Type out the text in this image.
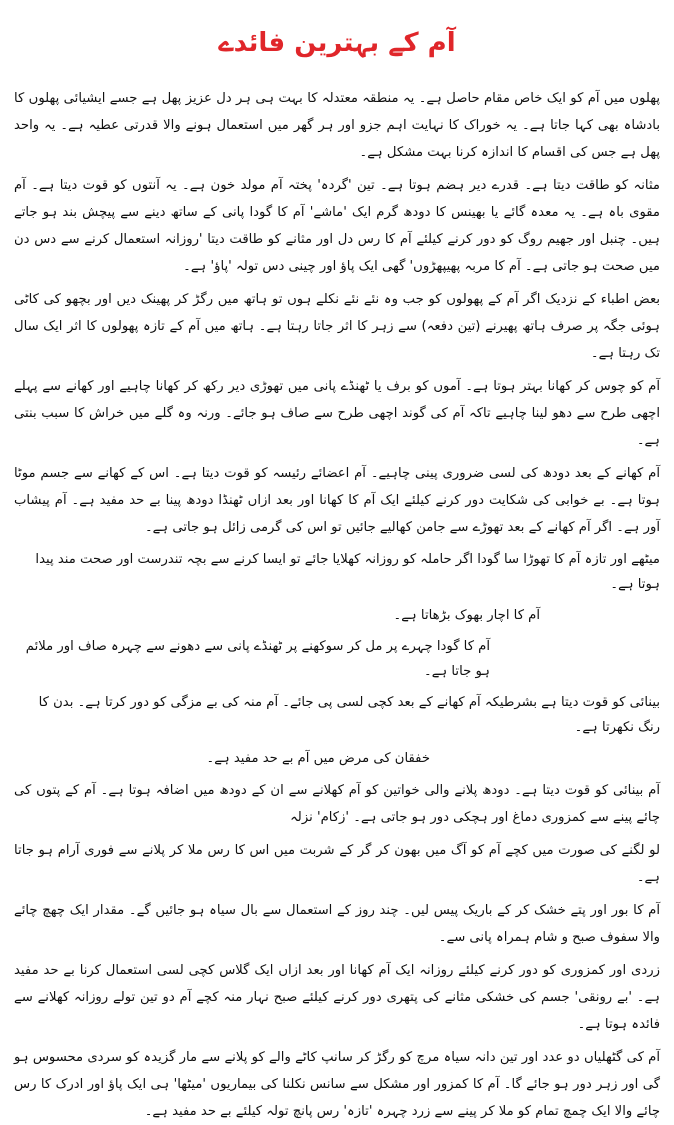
آم کے بہترین فائدے

پھلوں میں آم کو ایک خاص مقام حاصل ہے۔ یہ منطقہ معتدلہ کا بہت ہی ہر دل عزیز پھل ہے جسے ایشیائی پھلوں کا بادشاہ بھی کہا جاتا ہے۔ یہ خوراک کا نہایت اہم جزو اور ہر گھر میں استعمال ہونے والا قدرتی عطیہ ہے۔ یہ واحد پھل ہے جس کی اقسام کا اندازہ کرنا بہت مشکل ہے۔

مثانہ کو طاقت دیتا ہے۔ قدرے دیر ہضم ہوتا ہے۔ تین 'گردہ' پختہ آم مولد خون ہے۔ یہ آنتوں کو قوت دیتا ہے۔ آم مقوی باہ ہے۔ یہ معدہ گائے یا بھینس کا دودھ گرم ایک 'ماشے' آم کا گودا پانی کے ساتھ دینے سے پیچش بند ہو جاتے ہیں۔ چنبل اور جھیم روگ کو دور کرنے کیلئے آم کا رس دل اور مثانے کو طاقت دیتا 'روزانہ استعمال کرنے سے دس دن میں صحت ہو جاتی ہے۔ آم کا مربہ پھیپھڑوں' گھی ایک پاؤ اور چینی دس تولہ 'پاؤ' ہے۔

بعض اطباء کے نزدیک اگر آم کے پھولوں کو جب وہ نئے نئے نکلے ہوں تو ہاتھ میں رگڑ کر پھینک دیں اور بچھو کی کاٹی ہوئی جگہ پر صرف ہاتھ پھیرنے (تین دفعہ) سے زہر کا اثر جاتا رہتا ہے۔ ہاتھ میں آم کے تازہ پھولوں کا اثر ایک سال تک رہتا ہے۔

آم کو چوس کر کھانا بہتر ہوتا ہے۔ آموں کو برف یا ٹھنڈے پانی میں تھوڑی دیر رکھ کر کھانا چاہیے اور کھانے سے پہلے اچھی طرح سے دھو لینا چاہیے تاکہ آم کی گوند اچھی طرح سے صاف ہو جائے۔ ورنہ وہ گلے میں خراش کا سبب بنتی ہے۔

آم کھانے کے بعد دودھ کی لسی ضروری پینی چاہیے۔ آم اعضائے رئیسہ کو قوت دیتا ہے۔ اس کے کھانے سے جسم موٹا ہوتا ہے۔ بے خوابی کی شکایت دور کرنے کیلئے ایک آم کا کھانا اور بعد ازاں ٹھنڈا دودھ پینا بے حد مفید ہے۔ آم پیشاب آور ہے۔ اگر آم کھانے کے بعد تھوڑے سے جامن کھالیے جائیں تو اس کی گرمی زائل ہو جاتی ہے۔

میٹھے اور تازہ آم کا تھوڑا سا گودا اگر حاملہ کو روزانہ کھلایا جائے تو ایسا کرنے سے بچہ تندرست اور صحت مند پیدا ہوتا ہے۔

آم کا اچار بھوک بڑھاتا ہے۔

آم کا گودا چہرے پر مل کر سوکھنے پر ٹھنڈے پانی سے دھونے سے چہرہ صاف اور ملائم ہو جاتا ہے۔

بینائی کو قوت دیتا ہے بشرطیکہ آم کھانے کے بعد کچی لسی پی جائے۔ آم منہ کی بے مزگی کو دور کرتا ہے۔ بدن کا رنگ نکھرتا ہے۔

خفقان کی مرض میں آم بے حد مفید ہے۔

آم بینائی کو قوت دیتا ہے۔ دودھ پلانے والی خواتین کو آم کھلانے سے ان کے دودھ میں اضافہ ہوتا ہے۔ آم کے پتوں کی چائے پینے سے کمزوری دماغ اور ہچکی دور ہو جاتی ہے۔ 'زکام' نزلہ

لو لگنے کی صورت میں کچے آم کو آگ میں بھون کر گر کے شربت میں اس کا رس ملا کر پلانے سے فوری آرام ہو جاتا ہے۔

آم کا بور اور پتے خشک کر کے باریک پیس لیں۔ چند روز کے استعمال سے بال سیاہ ہو جائیں گے۔ مقدار ایک چھچ چائے والا سفوف صبح و شام ہمراہ پانی سے۔

زردی اور کمزوری کو دور کرنے کیلئے روزانہ ایک آم کھانا اور بعد ازاں ایک گلاس کچی لسی استعمال کرنا بے حد مفید ہے۔ 'بے رونقی' جسم کی خشکی مثانے کی پتھری دور کرنے کیلئے صبح نہار منہ کچے آم دو تین تولے روزانہ کھلانے سے فائدہ ہوتا ہے۔

آم کی گٹھلیاں دو عدد اور تین دانہ سیاہ مرچ کو رگڑ کر سانپ کاٹے والے کو پلانے سے مار گزیدہ کو سردی محسوس ہو گی اور زہر دور ہو جائے گا۔ آم کا کمزور اور مشکل سے سانس نکلنا کی بیماریوں 'میٹھا' ہی ایک پاؤ اور ادرک کا رس چائے والا ایک چمچ تمام کو ملا کر پینے سے زرد چہرہ 'تازہ' رس پانچ تولہ کیلئے بے حد مفید ہے۔
